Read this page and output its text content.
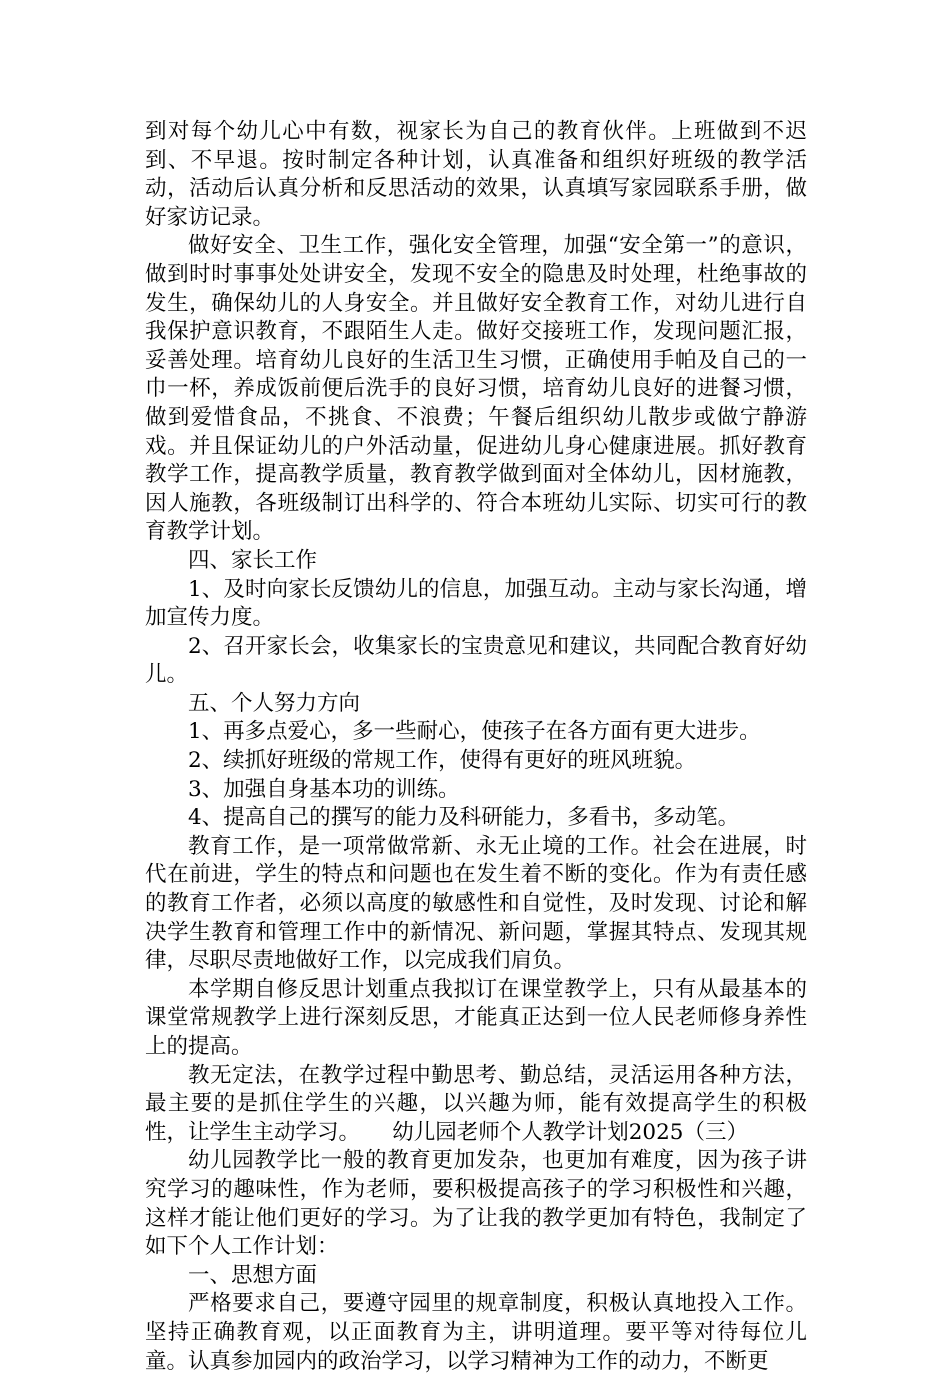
到对每个幼儿心中有数，视家长为自己的教育伙伴。上班做到不迟到、不早退。按时制定各种计划，认真准备和组织好班级的教学活动，活动后认真分析和反思活动的效果，认真填写家园联系手册，做好家访记录。

做好安全、卫生工作，强化安全管理，加强“安全第一”的意识，做到时时事事处处讲安全，发现不安全的隐患及时处理，杜绝事故的发生，确保幼儿的人身安全。并且做好安全教育工作，对幼儿进行自我保护意识教育，不跟陌生人走。做好交接班工作，发现问题汇报，妥善处理。培育幼儿良好的生活卫生习惯，正确使用手帕及自己的一巾一杯，养成饭前便后洗手的良好习惯，培育幼儿良好的进餐习惯，做到爱惜食品，不挑食、不浪费；午餐后组织幼儿散步或做宁静游戏。并且保证幼儿的户外活动量，促进幼儿身心健康进展。抓好教育教学工作，提高教学质量，教育教学做到面对全体幼儿，因材施教，因人施教，各班级制订出科学的、符合本班幼儿实际、切实可行的教育教学计划。

四、家长工作

1、及时向家长反馈幼儿的信息，加强互动。主动与家长沟通，增加宣传力度。

2、召开家长会，收集家长的宝贵意见和建议，共同配合教育好幼儿。

五、个人努力方向

1、再多点爱心，多一些耐心，使孩子在各方面有更大进步。

2、续抓好班级的常规工作，使得有更好的班风班貌。

3、加强自身基本功的训练。

4、提高自己的撰写的能力及科研能力，多看书，多动笔。

教育工作，是一项常做常新、永无止境的工作。社会在进展，时代在前进，学生的特点和问题也在发生着不断的变化。作为有责任感的教育工作者，必须以高度的敏感性和自觉性，及时发现、讨论和解决学生教育和管理工作中的新情况、新问题，掌握其特点、发现其规律，尽职尽责地做好工作，以完成我们肩负。

本学期自修反思计划重点我拟订在课堂教学上，只有从最基本的课堂常规教学上进行深刻反思，才能真正达到一位人民老师修身养性上的提高。

教无定法，在教学过程中勤思考、勤总结，灵活运用各种方法，最主要的是抓住学生的兴趣，以兴趣为师，能有效提高学生的积极性，让学生主动学习。　　幼儿园老师个人教学计划2025（三）

幼儿园教学比一般的教育更加发杂，也更加有难度，因为孩子讲究学习的趣味性，作为老师，要积极提高孩子的学习积极性和兴趣，这样才能让他们更好的学习。为了让我的教学更加有特色，我制定了如下个人工作计划：

一、思想方面

严格要求自己，要遵守园里的规章制度，积极认真地投入工作。坚持正确教育观，以正面教育为主，讲明道理。要平等对待每位儿童。认真参加园内的政治学习，以学习精神为工作的动力，不断更
